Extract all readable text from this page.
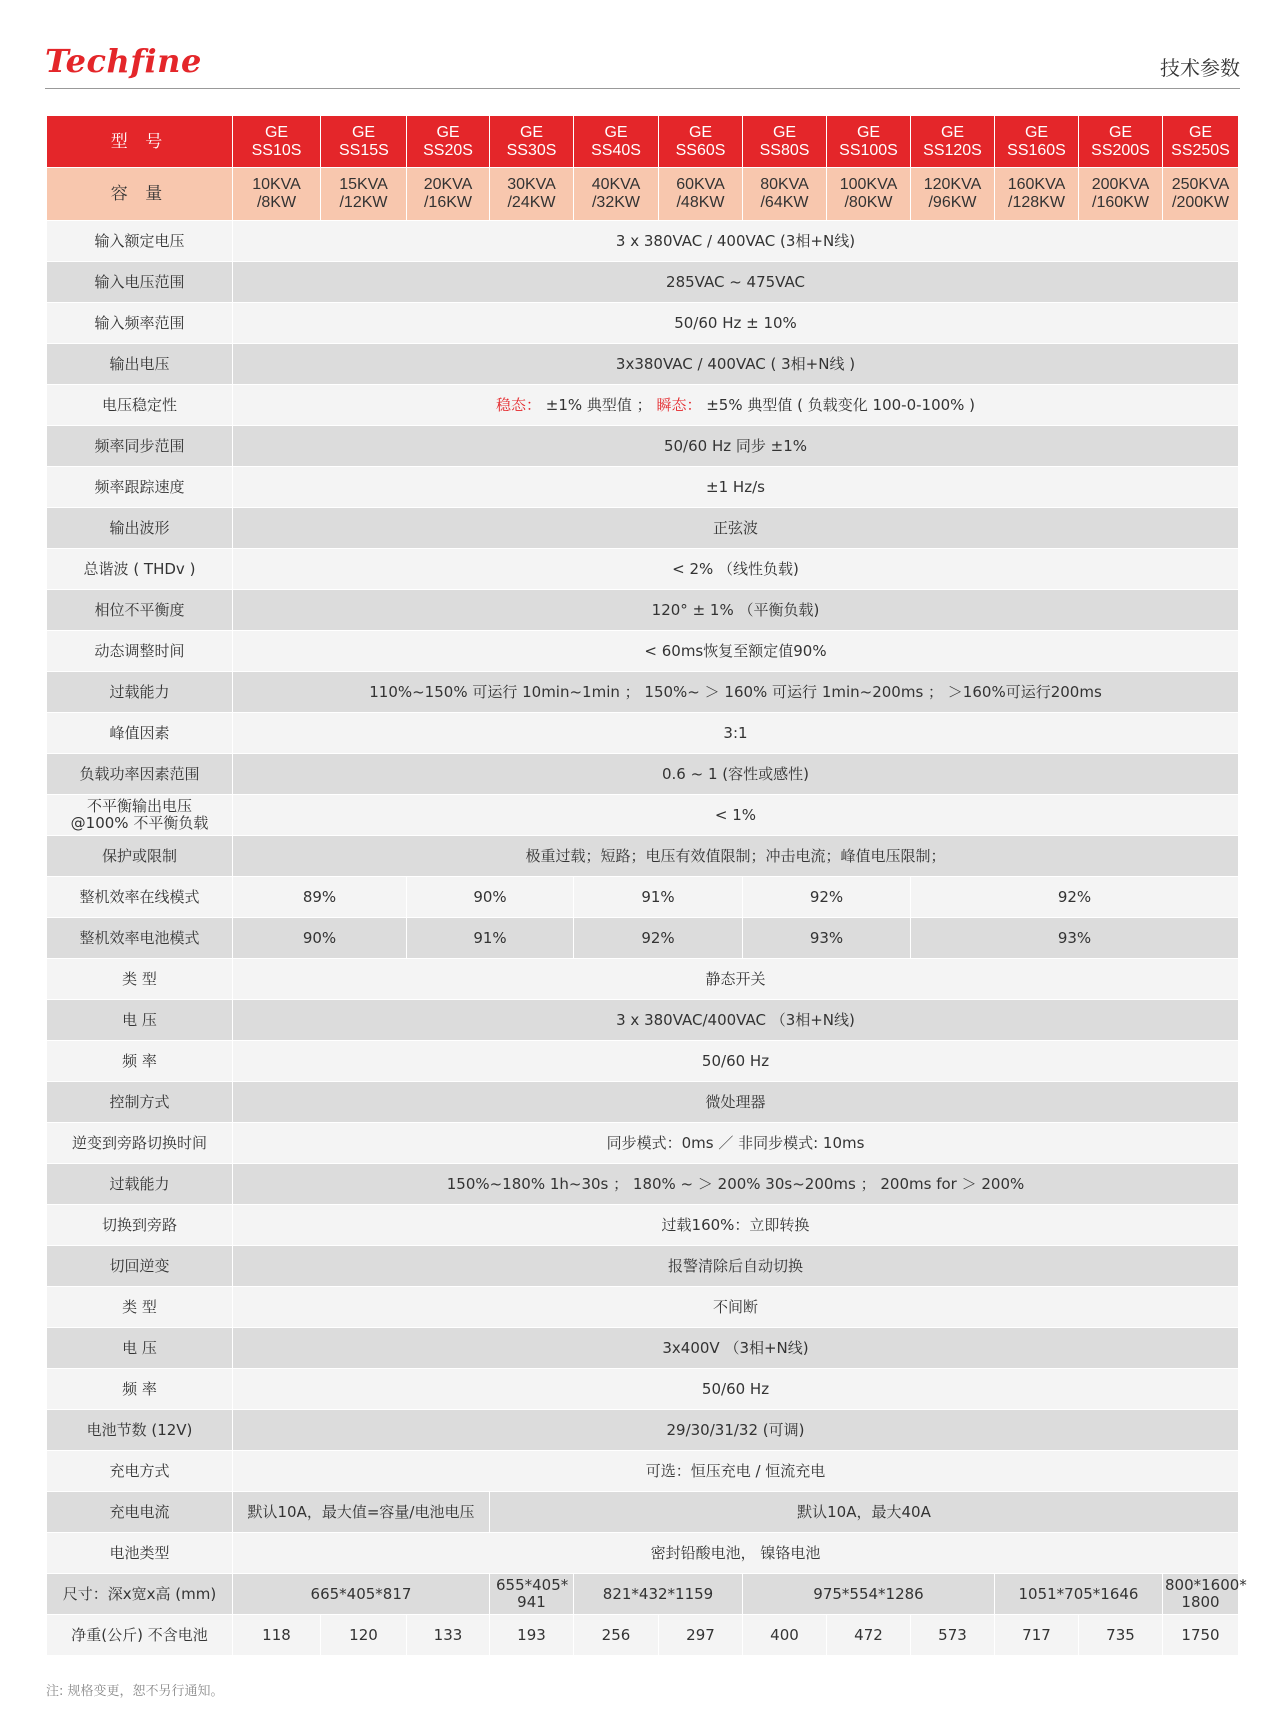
Techfine	技术参数
型 号	GE SS10S	GE SS15S	GE SS20S	GE SS30S	GE SS40S	GE SS60S	GE SS80S	GE SS100S	GE SS120S	GE SS160S	GE SS200S	GE SS250S
容 量	10KVA /8KW	15KVA /12KW	20KVA /16KW	30KVA /24KW	40KVA /32KW	60KVA /48KW	80KVA /64KW	100KVA /80KW	120KVA /96KW	160KVA /128KW	200KVA /160KW	250KVA /200KW
输入额定电压	3 x 380VAC / 400VAC (3相+N线)											
输入电压范围	285VAC ~ 475VAC											
输入频率范围	50/60 Hz ± 10%											
输出电压	3x380VAC / 400VAC ( 3相+N线 )											
电压稳定性	稳态： ±1% 典型值 ； 瞬态： ±5% 典型值 ( 负载变化 100-0-100% )											
频率同步范围	50/60 Hz 同步 ±1%											
频率跟踪速度	±1 Hz/s											
输出波形	正弦波											
总谐波 ( THDv )	< 2% （线性负载)											
相位不平衡度	120° ± 1% （平衡负载)											
动态调整时间	< 60ms恢复至额定值90%											
过载能力	110%~150% 可运行 10min~1min ； 150%~ ＞ 160% 可运行 1min~200ms ； ＞160%可运行200ms											
峰值因素	3:1											
负载功率因素范围	0.6 ~ 1 (容性或感性)											
不平衡输出电压@100% 不平衡负载	< 1%											
保护或限制	极重过载；短路；电压有效值限制；冲击电流；峰值电压限制；											
整机效率在线模式	89%		90%		91%		92%		92%			
整机效率电池模式	90%		91%		92%		93%		93%			
类 型	静态开关											
电 压	3 x 380VAC/400VAC （3相+N线)											
频 率	50/60 Hz											
控制方式	微处理器											
逆变到旁路切换时间	同步模式：0ms ／ 非同步模式: 10ms											
过载能力	150%~180% 1h~30s ； 180% ~ ＞ 200% 30s~200ms ； 200ms for ＞ 200%											
切换到旁路	过载160%：立即转换											
切回逆变	报警清除后自动切换											
类 型	不间断											
电 压	3x400V （3相+N线)											
频 率	50/60 Hz											
电池节数 (12V)	29/30/31/32 (可调)											
充电方式	可选：恒压充电 / 恒流充电											
充电电流	默认10A，最大值=容量/电池电压			默认10A，最大40A								
电池类型	密封铅酸电池， 镍铬电池											
尺寸：深x宽x高 (mm)	665*405*817			655*405* 941	821*432*1159		975*554*1286			1051*705*1646		800*1600* 1800
净重(公斤) 不含电池	118	120	133	193	256	297	400	472	573	717	735	1750
注: 规格变更，恕不另行通知。
